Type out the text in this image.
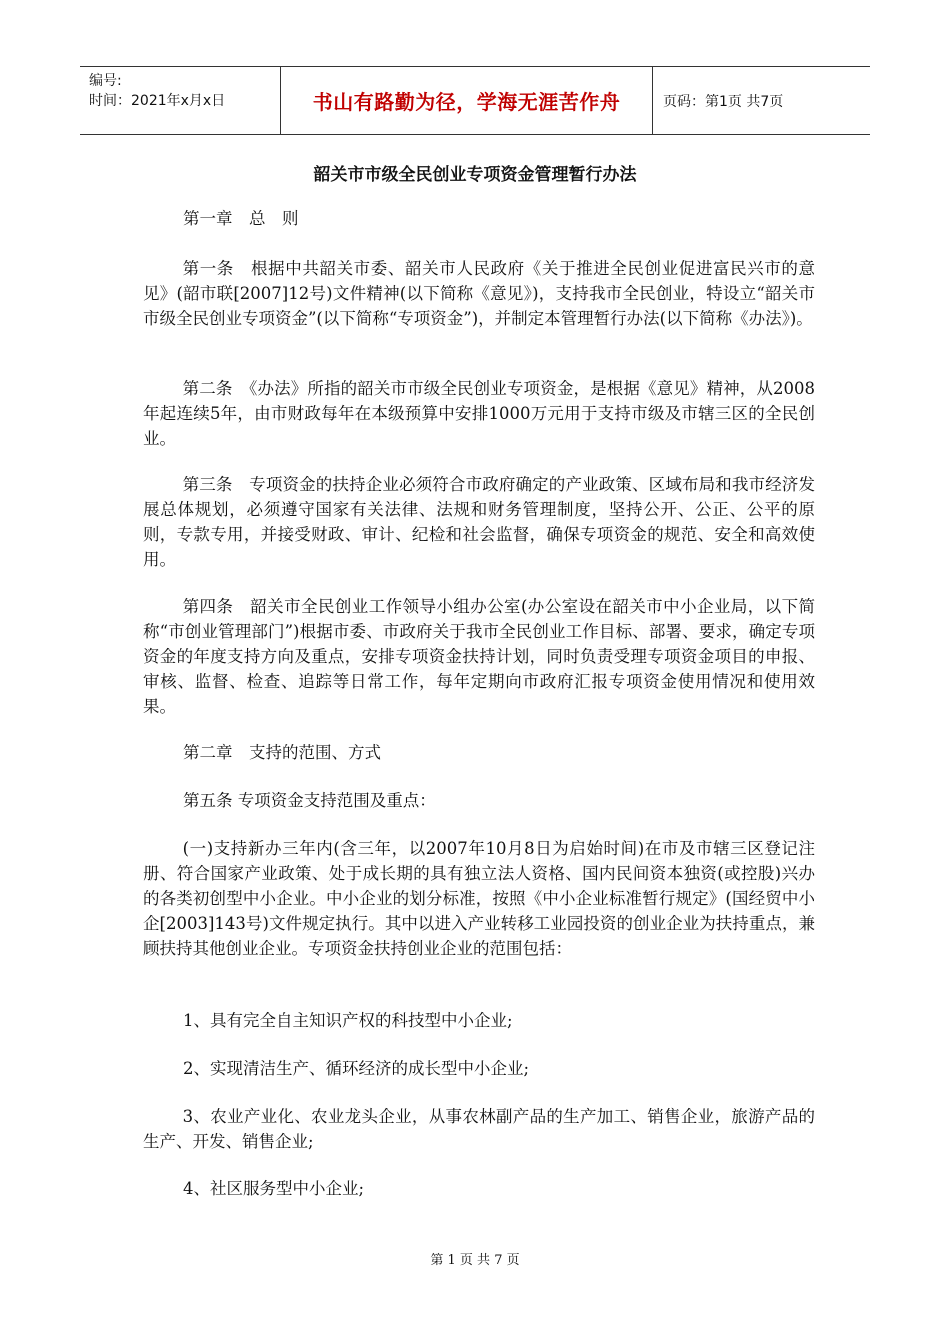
编号:
时间：2021年x月x日	书山有路勤为径，学海无涯苦作舟	页码：第1页 共7页
韶关市市级全民创业专项资金管理暂行办法
第一章　总　则

第一条　根据中共韶关市委、韶关市人民政府《关于推进全民创业促进富民兴市的意见》(韶市联[2007]12号)文件精神(以下简称《意见》)，支持我市全民创业，特设立“韶关市市级全民创业专项资金”(以下简称“专项资金”)，并制定本管理暂行办法(以下简称《办法》)。

第二条　《办法》所指的韶关市市级全民创业专项资金，是根据《意见》精神，从2008年起连续5年，由市财政每年在本级预算中安排1000万元用于支持市级及市辖三区的全民创业。

第三条　专项资金的扶持企业必须符合市政府确定的产业政策、区域布局和我市经济发展总体规划，必须遵守国家有关法律、法规和财务管理制度，坚持公开、公正、公平的原则，专款专用，并接受财政、审计、纪检和社会监督，确保专项资金的规范、安全和高效使用。

第四条　韶关市全民创业工作领导小组办公室(办公室设在韶关市中小企业局，以下简称“市创业管理部门”)根据市委、市政府关于我市全民创业工作目标、部署、要求，确定专项资金的年度支持方向及重点，安排专项资金扶持计划，同时负责受理专项资金项目的申报、审核、监督、检查、追踪等日常工作，每年定期向市政府汇报专项资金使用情况和使用效果。

第二章　支持的范围、方式
第五条 专项资金支持范围及重点：

(一)支持新办三年内(含三年，以2007年10月8日为启始时间)在市及市辖三区登记注册、符合国家产业政策、处于成长期的具有独立法人资格、国内民间资本独资(或控股)兴办的各类初创型中小企业。中小企业的划分标准，按照《中小企业标准暂行规定》(国经贸中小企[2003]143号)文件规定执行。其中以进入产业转移工业园投资的创业企业为扶持重点，兼顾扶持其他创业企业。专项资金扶持创业企业的范围包括：

1、具有完全自主知识产权的科技型中小企业;
2、实现清洁生产、循环经济的成长型中小企业;

3、农业产业化、农业龙头企业，从事农林副产品的生产加工、销售企业，旅游产品的生产、开发、销售企业;

4、社区服务型中小企业;
第 1 页 共 7 页
